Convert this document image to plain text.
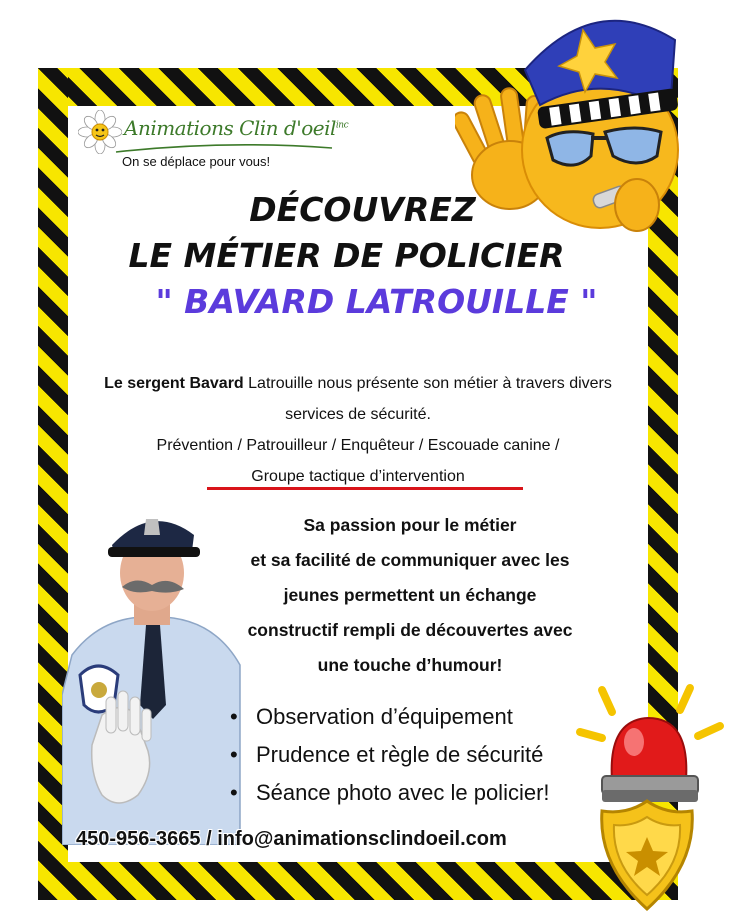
Animations Clin d'oeil$^{inc}$
On se déplace pour vous!
DÉCOUVREZ
LE MÉTIER DE POLICIER
" BAVARD LATROUILLE "
Le sergent Bavard Latrouille nous présente son métier à travers divers services de sécurité.
Prévention / Patrouilleur / Enquêteur / Escouade canine /
Groupe tactique d’intervention
Sa passion pour le métier
et sa facilité de communiquer avec les
jeunes permettent un échange
constructif rempli de découvertes avec
une touche d’humour!
• Observation d’équipement
• Prudence et règle de sécurité
• Séance photo avec le policier!
450-956-3665 / info@animationsclindoeil.com
